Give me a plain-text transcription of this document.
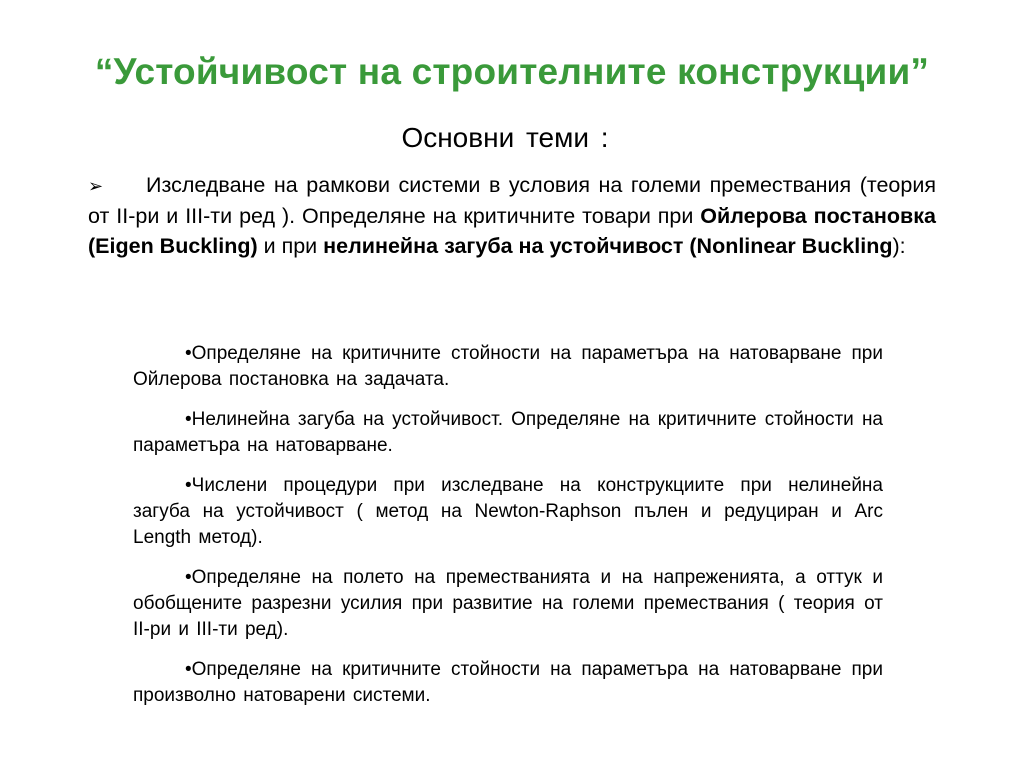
“Устойчивост на строителните конструкции”
Основни теми :
➢ Изследване на рамкови системи в условия на големи премествания (теория от II-ри и III-ти ред ). Определяне на критичните товари при Ойлерова постановка (Eigen Buckling) и при нелинейна загуба на устойчивост (Nonlinear Buckling):
•Определяне на критичните стойности на параметъра на натоварване при Ойлерова постановка на задачата.
•Нелинейна загуба на устойчивост. Определяне на критичните стойности на параметъра на натоварване.
•Числени процедури при изследване на конструкциите при нелинейна загуба на устойчивост ( метод на Newton-Raphson пълен и редуциран и Arc Length метод).
•Определяне на полето на преместванията и на напреженията, а оттук и обобщените разрезни усилия при развитие на големи премествания ( теория от II-ри и III-ти ред).
•Определяне на критичните стойности на параметъра на натоварване при произволно натоварени системи.
